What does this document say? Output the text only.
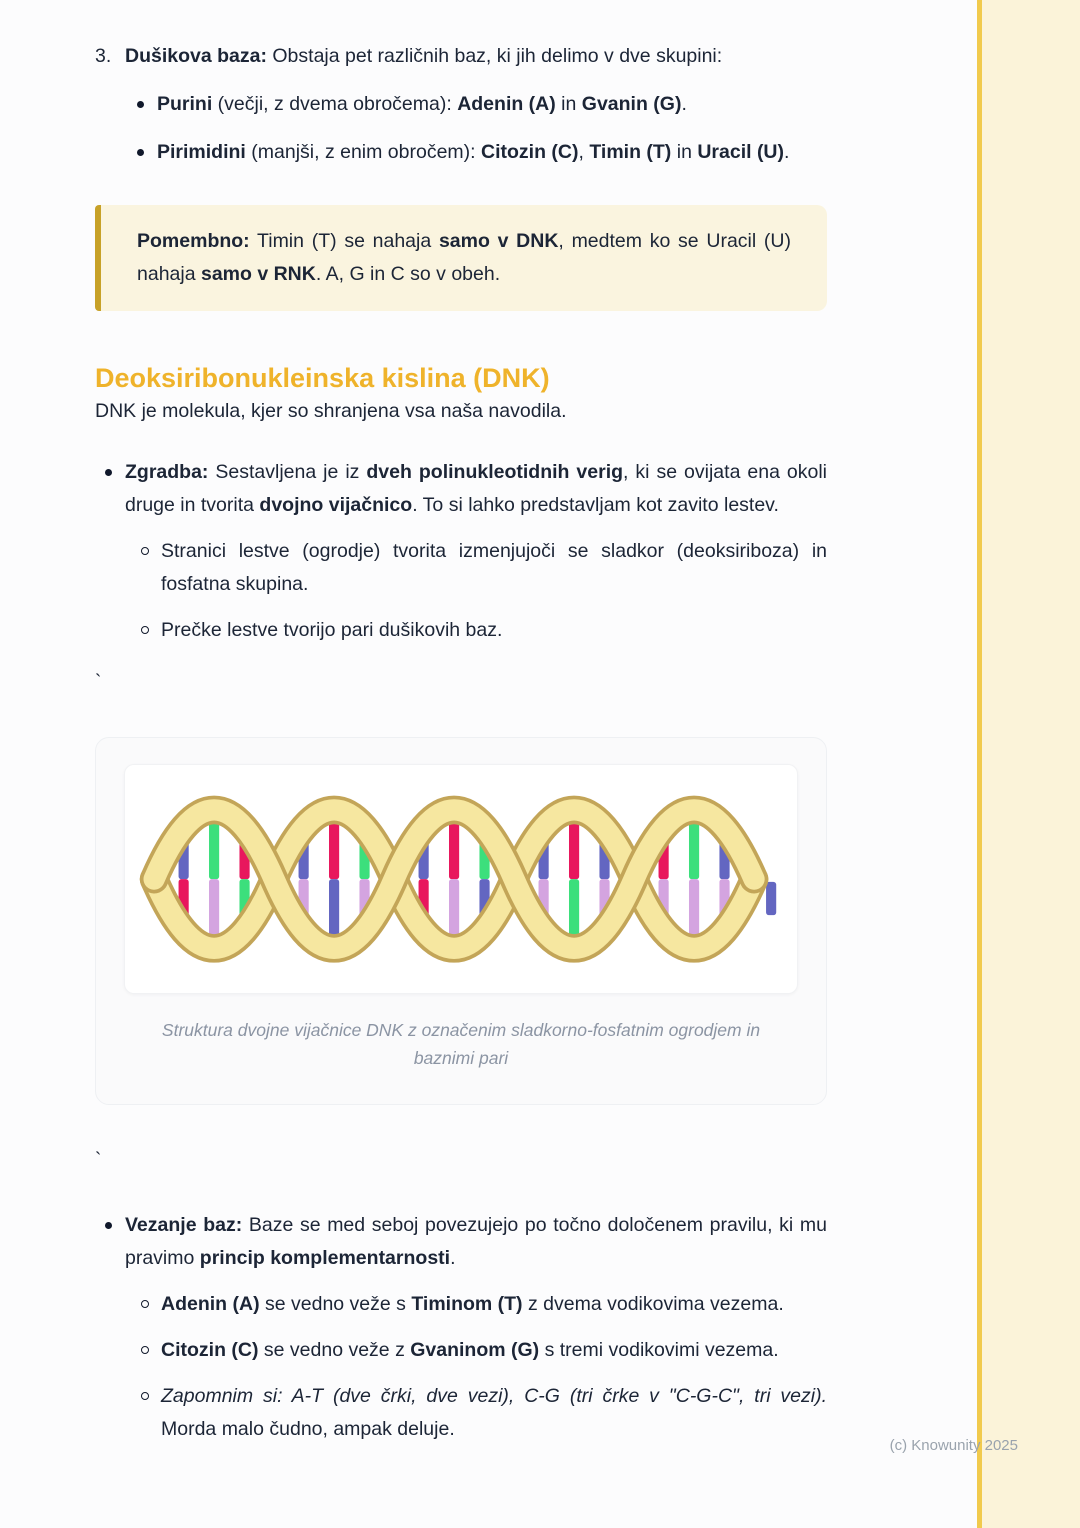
3. Dušikova baza: Obstaja pet različnih baz, ki jih delimo v dve skupini:

Purini (večji, z dvema obročema): Adenin (A) in Gvanin (G).

Pirimidini (manjši, z enim obročem): Citozin (C), Timin (T) in Uracil (U).

Pomembno: Timin (T) se nahaja samo v DNK, medtem ko se Uracil (U) nahaja samo v RNK. A, G in C so v obeh.
Deoksiribonukleinska kislina (DNK)

DNK je molekula, kjer so shranjena vsa naša navodila.

Zgradba: Sestavljena je iz dveh polinukleotidnih verig, ki se ovijata ena okoli druge in tvorita dvojno vijačnico. To si lahko predstavljam kot zavito lestev.

Stranici lestve (ogrodje) tvorita izmenjujoči se sladkor (deoksiriboza) in fosfatna skupina.

Prečke lestve tvorijo pari dušikovih baz.

`
Struktura dvojne vijačnice DNK z označenim sladkorno-fosfatnim ogrodjem in baznimi pari
`

Vezanje baz: Baze se med seboj povezujejo po točno določenem pravilu, ki mu pravimo princip komplementarnosti.

Adenin (A) se vedno veže s Timinom (T) z dvema vodikovima vezema.

Citozin (C) se vedno veže z Gvaninom (G) s tremi vodikovimi vezema.

Zapomnim si: A-T (dve črki, dve vezi), C-G (tri črke v "C-G-C", tri vezi). Morda malo čudno, ampak deluje.

(c) Knowunity 2025
